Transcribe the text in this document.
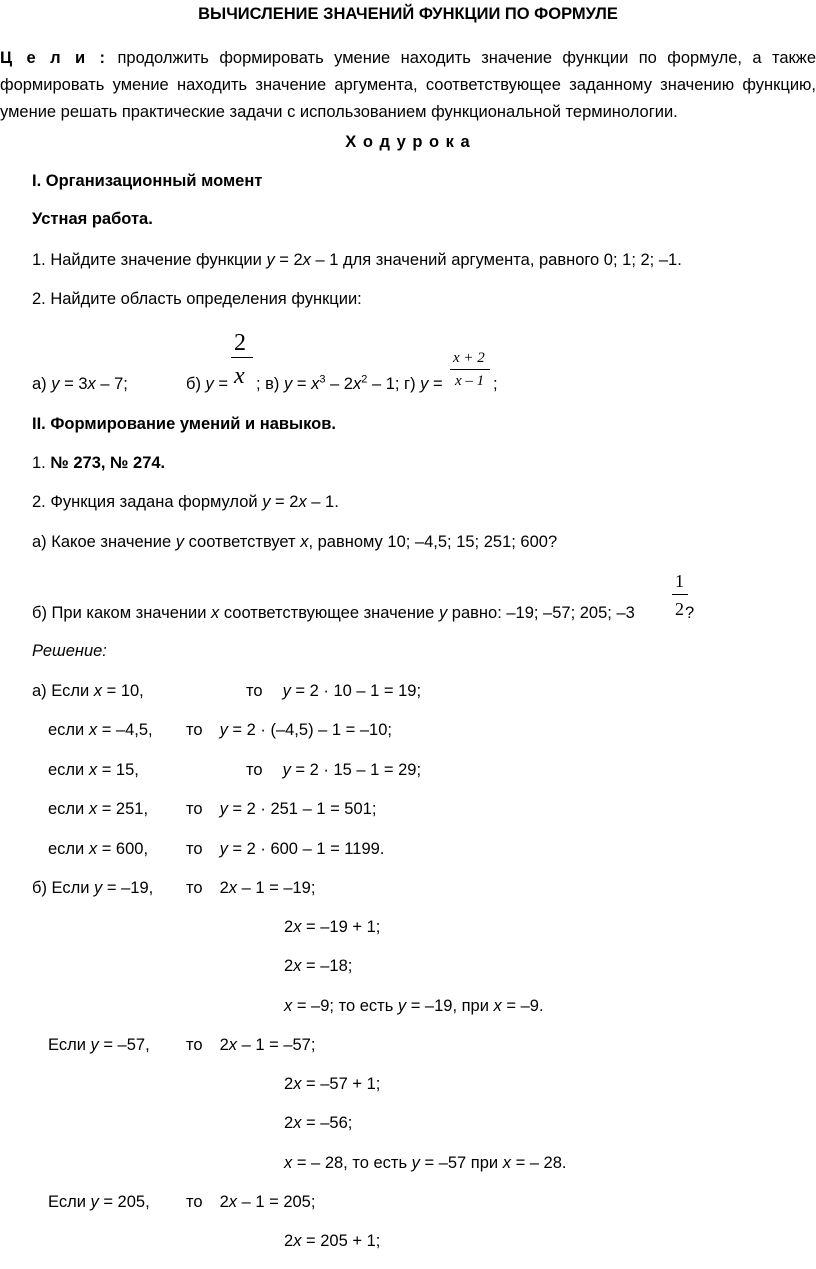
ВЫЧИСЛЕНИЕ ЗНАЧЕНИЙ ФУНКЦИИ ПО ФОРМУЛЕ
Ц е л и : продолжить формировать умение находить значение функции по формуле, а также формировать умение находить значение аргумента, соответствующее заданному значению функцию, умение решать практические задачи с использованием функциональной терминологии.
Х о д у р о к а
I. Организационный момент
Устная работа.
1. Найдите значение функции y = 2x – 1 для значений аргумента, равного 0; 1; 2; –1.
2. Найдите область определения функции:
а) y = 3x – 7;	б) y =
2
x ; в) $y = x^3 - 2x^2 - 1$; г) y =
x + 2
x – 1 ;
II. Формирование умений и навыков.
1. № 273, № 274.
2. Функция задана формулой y = 2x – 1.
а) Какое значение y соответствует x, равному 10; –4,5; 15; 251; 600?
б) При каком значении x соответствующее значение y равно: –19; –57; 205; –3
1
2 ?
Решение:
а) Если x = 10,	то y = 2 · 10 – 1 = 19;
если x = –4,5, то y = 2 · (–4,5) – 1 = –10;
если x = 15,	то y = 2 · 15 – 1 = 29;
если x = 251, то y = 2 · 251 – 1 = 501;
если x = 600, то y = 2 · 600 – 1 = 1199.
б) Если y = –19, то 2x – 1 = –19;
2x = –19 + 1;
2x = –18;
x = –9; то есть y = –19, при x = –9.
Если y = –57, то 2x – 1 = –57;
2x = –57 + 1;
2x = –56;
x = – 28, то есть y = –57 при x = – 28.
Если y = 205, то 2x – 1 = 205;
2x = 205 + 1;
